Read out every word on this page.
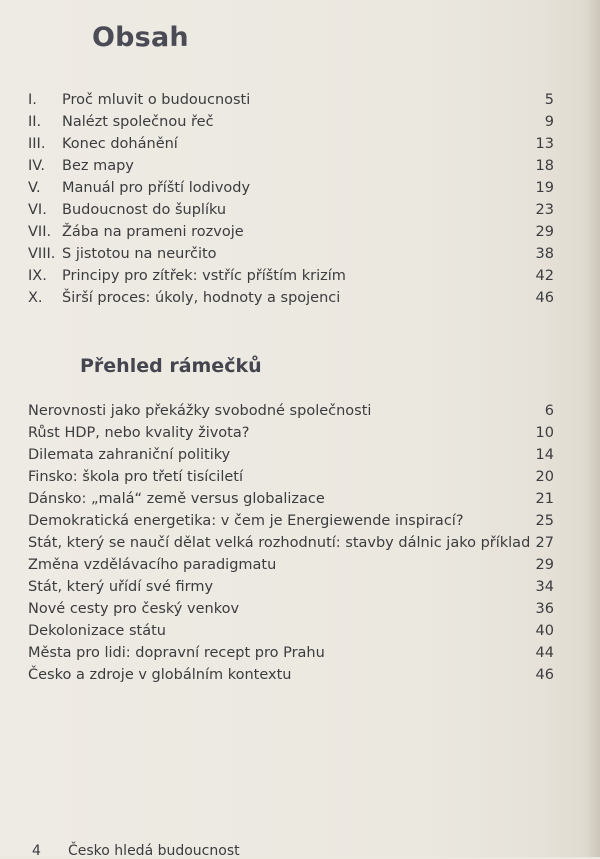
Obsah
I. Proč mluvit o budoucnosti	5
II. Nalézt společnou řeč	9
III. Konec dohánění	13
IV. Bez mapy	18
V. Manuál pro příští lodivody	19
VI. Budoucnost do šuplíku	23
VII. Žába na prameni rozvoje	29
VIII. S jistotou na neurčito	38
IX. Principy pro zítřek: vstříc příštím krizím	42
X. Širší proces: úkoly, hodnoty a spojenci	46
Přehled rámečků
Nerovnosti jako překážky svobodné společnosti	6
Růst HDP, nebo kvality života?	10
Dilemata zahraniční politiky	14
Finsko: škola pro třetí tisíciletí	20
Dánsko: „malá“ země versus globalizace	21
Demokratická energetika: v čem je Energiewende inspirací?	25
Stát, který se naučí dělat velká rozhodnutí: stavby dálnic jako příklad 27
Změna vzdělávacího paradigmatu	29
Stát, který uřídí své firmy	34
Nové cesty pro český venkov	36
Dekolonizace státu	40
Města pro lidi: dopravní recept pro Prahu	44
Česko a zdroje v globálním kontextu	46
4 Česko hledá budoucnost
